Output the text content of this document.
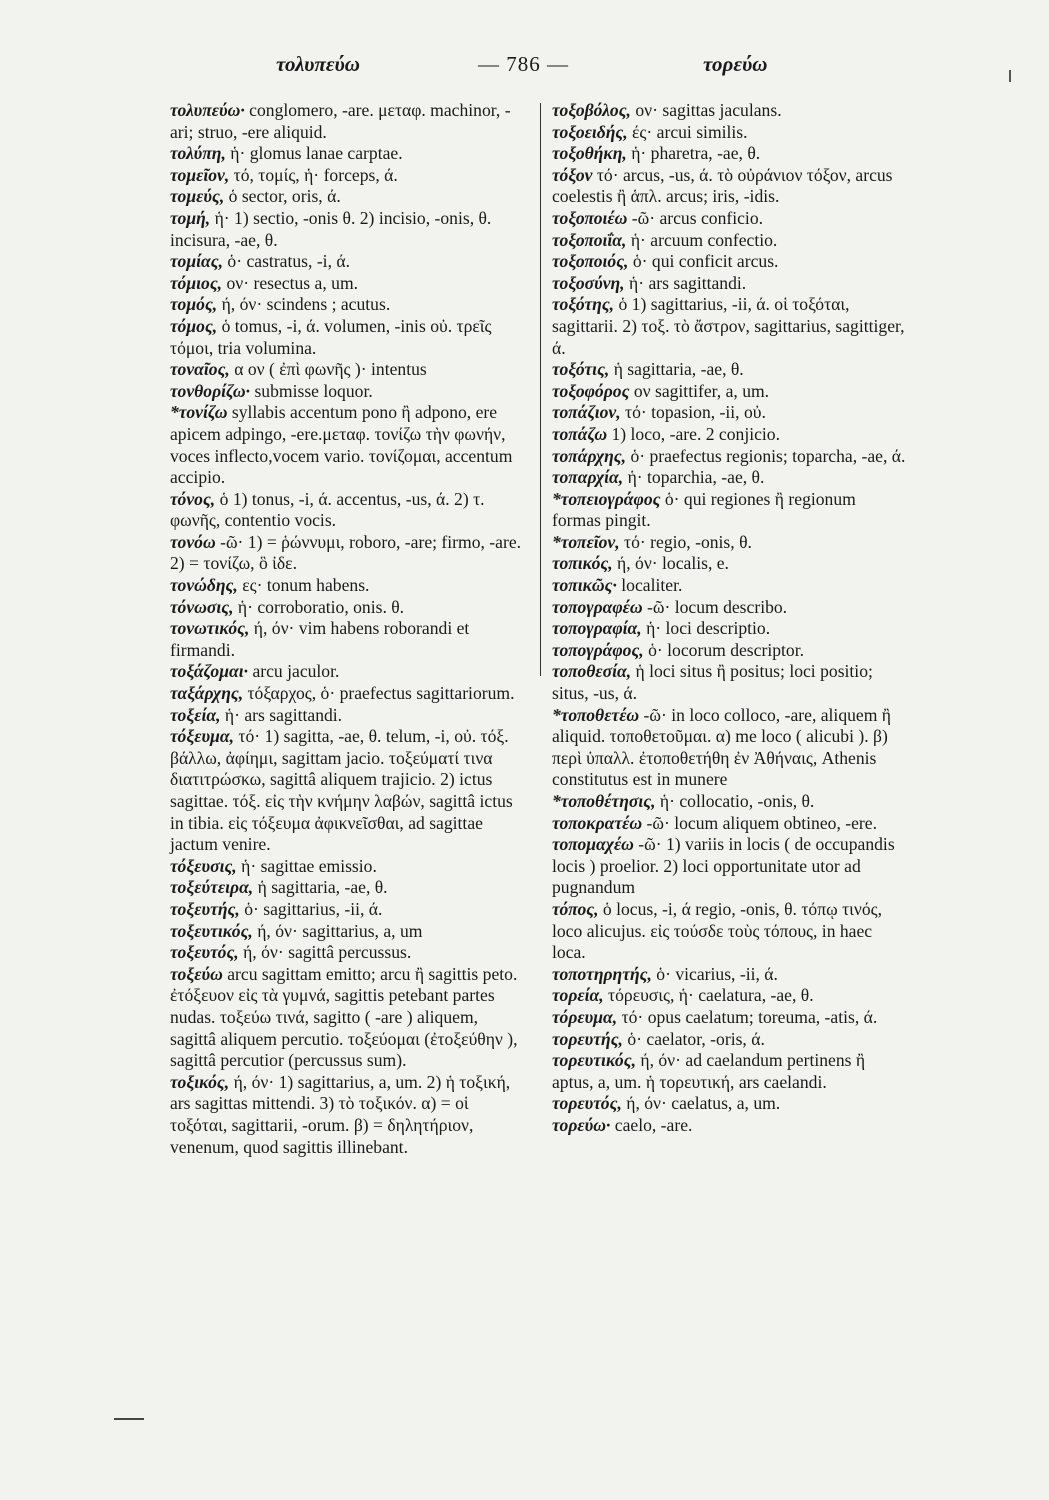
τολυπεύω	— 786 —	τορεύω

τολυπεύω· conglomero, -are. μεταφ. machinor, -ari; struo, -ere aliquid.

τολύπη, ἡ· glomus lanae carptae.

τομεῖον, τό, τομίς, ἡ· forceps, ά.

τομεύς, ὁ sector, oris, ά.

τομή, ἡ· 1) sectio, -onis θ. 2) incisio, -onis, θ. incisura, -ae, θ.

τομίας, ὁ· castratus, -i, ά.

τόμιος, ον· resectus a, um.

τομός, ή, όν· scindens ; acutus.

τόμος, ὁ tomus, -i, ά. volumen, -inis οὐ. τρεῖς τόμοι, tria volumina.

τοναῖος, α ον ( ἐπὶ φωνῆς )· intentus

τονθορίζω· submisse loquor.

*τονίζω syllabis accentum pono ἢ adpono, ere apicem adpingo, -ere.μεταφ. τονίζω τὴν φωνήν, voces inflecto,vocem vario. τονίζομαι, accentum accipio.

τόνος, ὁ 1) tonus, -i, ά. accentus, -us, ά. 2) τ. φωνῆς, contentio vocis.

τονόω -ῶ· 1) = ῥώννυμι, roboro, -are; firmo, -are. 2) = τονίζω, ὃ ἰδε.

τονώδης, ες· tonum habens.

τόνωσις, ἡ· corroboratio, onis. θ.

τονωτικός, ή, όν· vim habens roborandi et firmandi.

τοξάζομαι· arcu jaculor.

ταξάρχης, τόξαρχος, ὁ· praefectus sagittariorum.

τοξεία, ἡ· ars sagittandi.

τόξευμα, τό· 1) sagitta, -ae, θ. telum, -i, οὐ. τόξ. βάλλω, ἀφίημι, sagittam jacio. τοξεύματί τινα διατιτρώσκω, sagittâ aliquem trajicio. 2) ictus sagittae. τόξ. εἰς τὴν κνήμην λαβών, sagittâ ictus in tibia. εἰς τόξευμα ἀφικνεῖσθαι, ad sagittae jactum venire.

τόξευσις, ἡ· sagittae emissio.

τοξεύτειρα, ἡ sagittaria, -ae, θ.

τοξευτής, ὁ· sagittarius, -ii, ά.

τοξευτικός, ή, όν· sagittarius, a, um

τοξευτός, ή, όν· sagittâ percussus.

τοξεύω arcu sagittam emitto; arcu ἢ sagittis peto. ἐτόξευον εἰς τὰ γυμνά, sagittis petebant partes nudas. τοξεύω τινά, sagitto ( -are ) aliquem, sagittâ aliquem percutio. τοξεύομαι (ἐτοξεύθην ), sagittâ percutior (percussus sum).

τοξικός, ή, όν· 1) sagittarius, a, um. 2) ἡ τοξική, ars sagittas mittendi. 3) τὸ τοξικόν. α) = οἱ τοξόται, sagittarii, -orum. β) = δηλητήριον, venenum, quod sagittis illinebant.

τοξοβόλος, ον· sagittas jaculans.

τοξοειδής, ές· arcui similis.

τοξοθήκη, ἡ· pharetra, -ae, θ.

τόξον τό· arcus, -us, ά. τὸ οὐράνιον τόξον, arcus coelestis ἢ ἁπλ. arcus; iris, -idis.

τοξοποιέω -ῶ· arcus conficio.

τοξοποιΐα, ἡ· arcuum confectio.

τοξοποιός, ὁ· qui conficit arcus.

τοξοσύνη, ἡ· ars sagittandi.

τοξότης, ὁ 1) sagittarius, -ii, ά. οἱ τοξόται, sagittarii. 2) τοξ. τὸ ἄστρον, sagittarius, sagittiger, ά.

τοξότις, ἡ sagittaria, -ae, θ.

τοξοφόρος ον sagittifer, a, um.

τοπάζιον, τό· topasion, -ii, οὐ.

τοπάζω 1) loco, -are. 2 conjicio.

τοπάρχης, ὁ· praefectus regionis; toparcha, -ae, ά.

τοπαρχία, ἡ· toparchia, -ae, θ.

*τοπειογράφος ὁ· qui regiones ἢ regionum formas pingit.

*τοπεῖον, τό· regio, -onis, θ.

τοπικός, ή, όν· localis, e.

τοπικῶς· localiter.

τοπογραφέω -ῶ· locum describo.

τοπογραφία, ἡ· loci descriptio.

τοπογράφος, ὁ· locorum descriptor.

τοποθεσία, ἡ loci situs ἢ positus; loci positio; situs, -us, ά.

*τοποθετέω -ῶ· in loco colloco, -are, aliquem ἢ aliquid. τοποθετοῦμαι. α) me loco ( alicubi ). β) περὶ ὑπαλλ. ἐτοποθετήθη ἐν Ἀθήναις, Athenis constitutus est in munere

*τοποθέτησις, ἡ· collocatio, -onis, θ.

τοποκρατέω -ῶ· locum aliquem obtineo, -ere.

τοπομαχέω -ῶ· 1) variis in locis ( de occupandis locis ) proelior. 2) loci opportunitate utor ad pugnandum

τόπος, ὁ locus, -i, ά regio, -onis, θ. τόπῳ τινός, loco alicujus. εἰς τούσδε τοὺς τόπους, in haec loca.

τοποτηρητής, ὁ· vicarius, -ii, ά.

τορεία, τόρευσις, ἡ· caelatura, -ae, θ.

τόρευμα, τό· opus caelatum; toreuma, -atis, ά.

τορευτής, ὁ· caelator, -oris, ά.

τορευτικός, ή, όν· ad caelandum pertinens ἢ aptus, a, um. ἡ τορευτική, ars caelandi.

τορευτός, ή, όν· caelatus, a, um.

τορεύω· caelo, -are.
